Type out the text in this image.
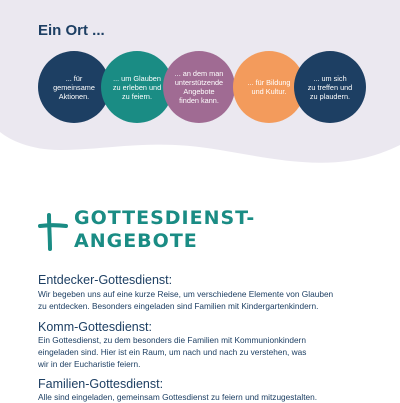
Ein Ort ...
... für
gemeinsame
Aktionen.
... um Glauben
zu erleben und
zu feiern.
... an dem man
unterstützende
Angebote
finden kann.
... für Bildung
und Kultur.
... um sich
zu treffen und
zu plaudern.
GOTTESDIENST-
ANGEBOTE
Entdecker-Gottesdienst:
Wir begeben uns auf eine kurze Reise, um verschiedene Elemente von Glauben
zu entdecken. Besonders eingeladen sind Familien mit Kindergartenkindern.
Komm-Gottesdienst:
Ein Gottesdienst, zu dem besonders die Familien mit Kommunionkindern
eingeladen sind. Hier ist ein Raum, um nach und nach zu verstehen, was
wir in der Eucharistie feiern.
Familien-Gottesdienst:
Alle sind eingeladen, gemeinsam Gottesdienst zu feiern und mitzugestalten.
